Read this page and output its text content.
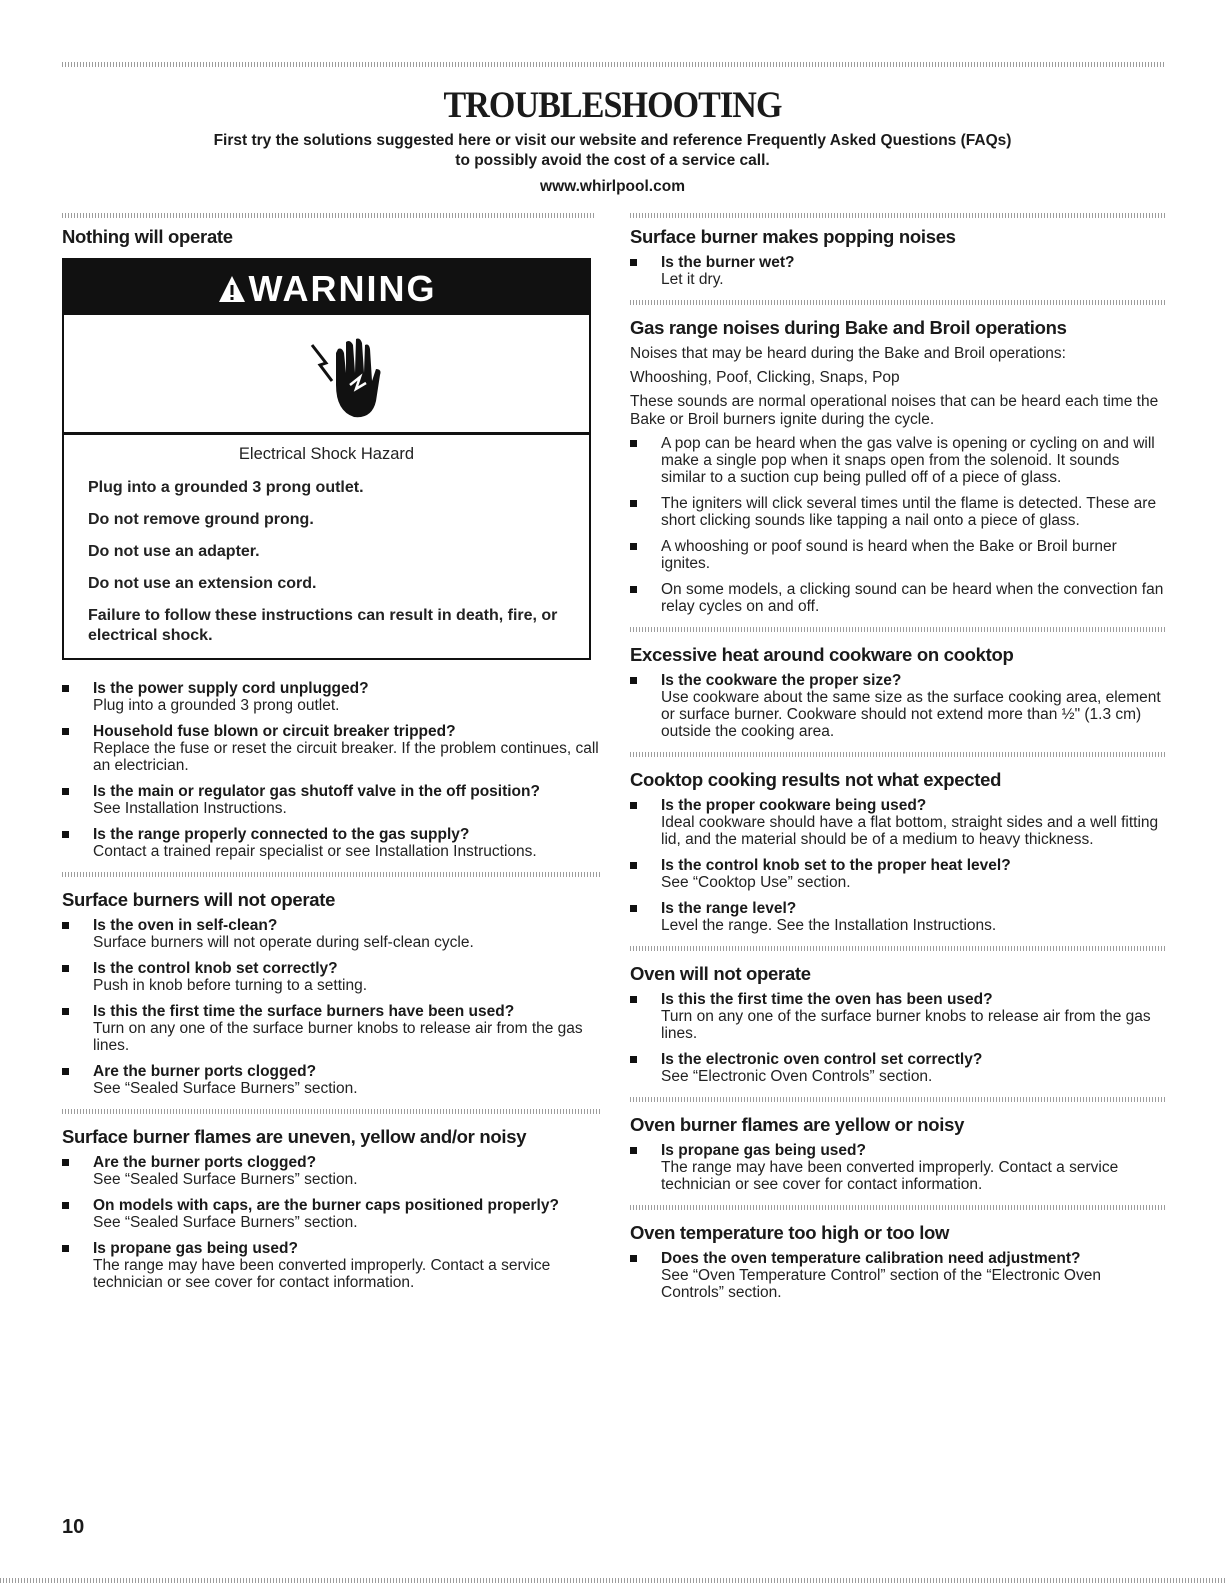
TROUBLESHOOTING
First try the solutions suggested here or visit our website and reference Frequently Asked Questions (FAQs)
to possibly avoid the cost of a service call.
www.whirlpool.com
Nothing will operate
WARNING
Electrical Shock Hazard

Plug into a grounded 3 prong outlet.

Do not remove ground prong.

Do not use an adapter.

Do not use an extension cord.

Failure to follow these instructions can result in death, fire, or electrical shock.

Is the power supply cord unplugged?
Plug into a grounded 3 prong outlet.
Household fuse blown or circuit breaker tripped?
Replace the fuse or reset the circuit breaker. If the problem continues, call an electrician.
Is the main or regulator gas shutoff valve in the off position?
See Installation Instructions.
Is the range properly connected to the gas supply?
Contact a trained repair specialist or see Installation Instructions.
Surface burners will not operate
Is the oven in self-clean?
Surface burners will not operate during self-clean cycle.
Is the control knob set correctly?
Push in knob before turning to a setting.
Is this the first time the surface burners have been used?
Turn on any one of the surface burner knobs to release air from the gas lines.
Are the burner ports clogged?
See “Sealed Surface Burners” section.
Surface burner flames are uneven, yellow and/or noisy
Are the burner ports clogged?
See “Sealed Surface Burners” section.
On models with caps, are the burner caps positioned properly?
See “Sealed Surface Burners” section.
Is propane gas being used?
The range may have been converted improperly. Contact a service technician or see cover for contact information.
Surface burner makes popping noises
Is the burner wet?
Let it dry.
Gas range noises during Bake and Broil operations

Noises that may be heard during the Bake and Broil operations:

Whooshing, Poof, Clicking, Snaps, Pop

These sounds are normal operational noises that can be heard each time the Bake or Broil burners ignite during the cycle.

A pop can be heard when the gas valve is opening or cycling on and will make a single pop when it snaps open from the solenoid. It sounds similar to a suction cup being pulled off of a piece of glass.
The igniters will click several times until the flame is detected. These are short clicking sounds like tapping a nail onto a piece of glass.
A whooshing or poof sound is heard when the Bake or Broil burner ignites.
On some models, a clicking sound can be heard when the convection fan relay cycles on and off.
Excessive heat around cookware on cooktop
Is the cookware the proper size?
Use cookware about the same size as the surface cooking area, element or surface burner. Cookware should not extend more than ½" (1.3 cm) outside the cooking area.
Cooktop cooking results not what expected
Is the proper cookware being used?
Ideal cookware should have a flat bottom, straight sides and a well fitting lid, and the material should be of a medium to heavy thickness.
Is the control knob set to the proper heat level?
See “Cooktop Use” section.
Is the range level?
Level the range. See the Installation Instructions.
Oven will not operate
Is this the first time the oven has been used?
Turn on any one of the surface burner knobs to release air from the gas lines.
Is the electronic oven control set correctly?
See “Electronic Oven Controls” section.
Oven burner flames are yellow or noisy
Is propane gas being used?
The range may have been converted improperly. Contact a service technician or see cover for contact information.
Oven temperature too high or too low
Does the oven temperature calibration need adjustment?
See “Oven Temperature Control” section of the “Electronic Oven Controls” section.
10
